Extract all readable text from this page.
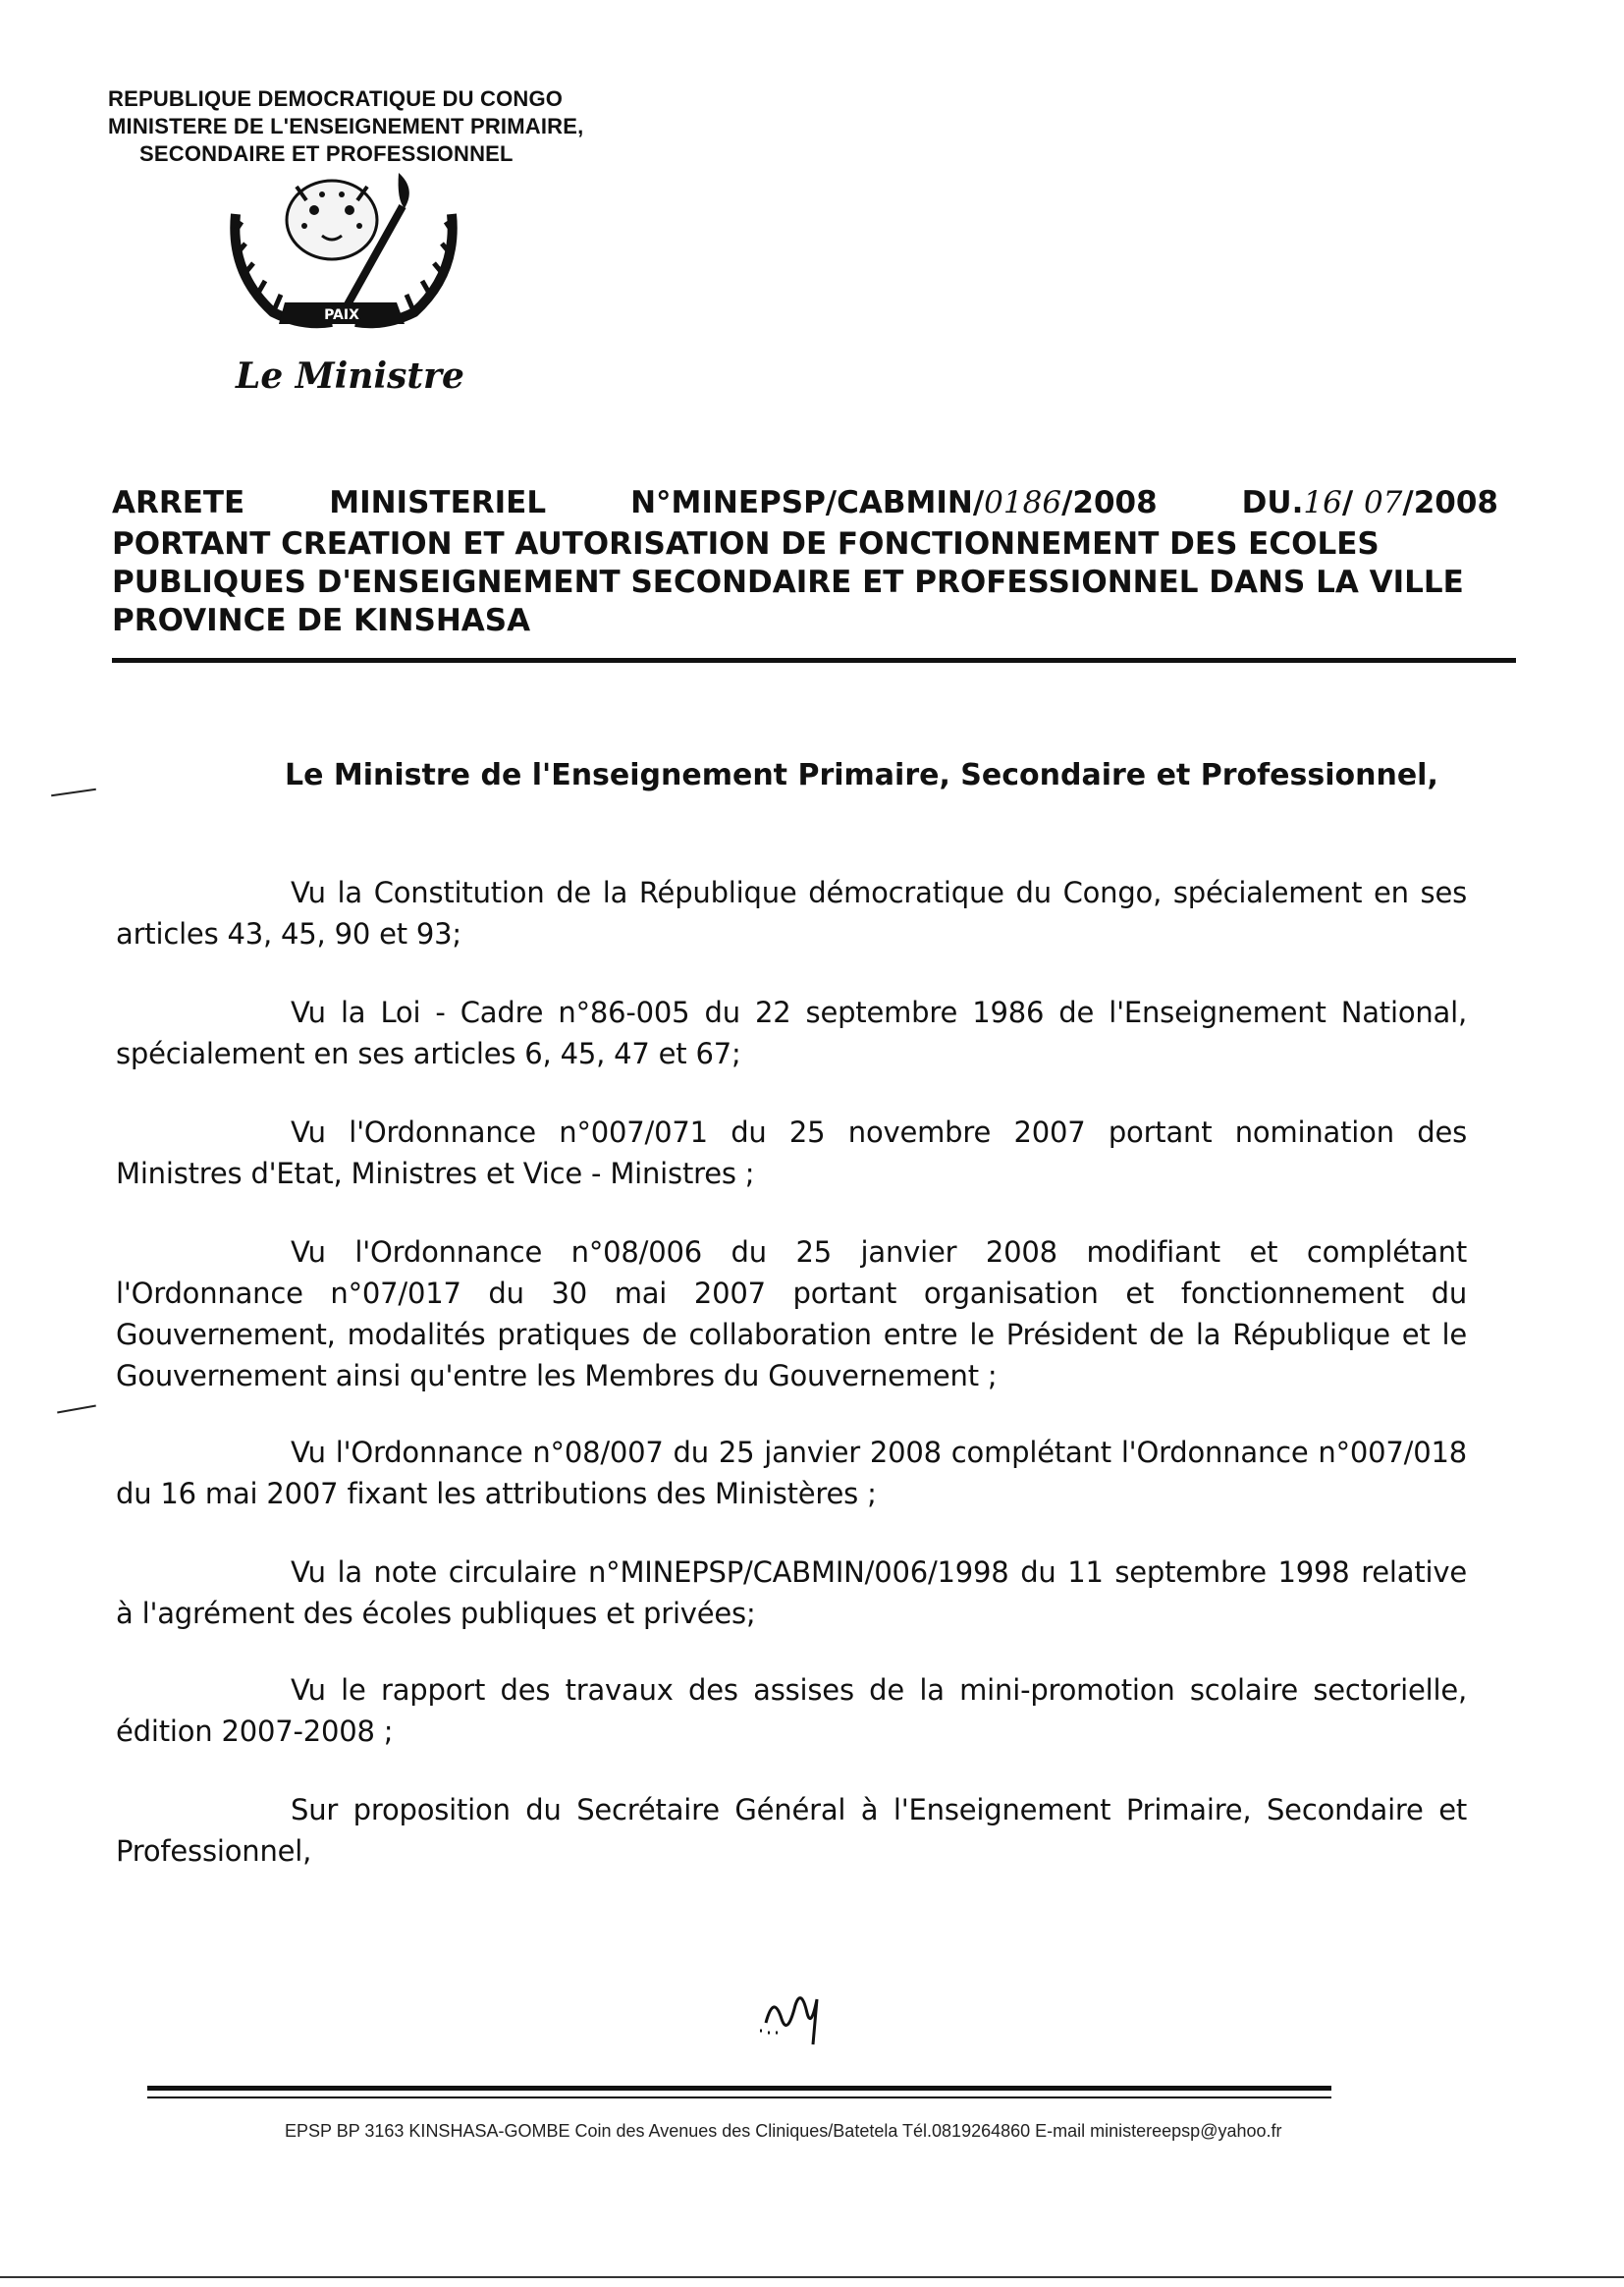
REPUBLIQUE DEMOCRATIQUE DU CONGO
MINISTERE DE L'ENSEIGNEMENT PRIMAIRE,
SECONDAIRE ET PROFESSIONNEL
PAIX
Le Ministre
ARRETE	MINISTERIEL	N°MINEPSP/CABMIN/0186/2008	DU.16/ 07/2008
PORTANT CREATION ET AUTORISATION DE FONCTIONNEMENT DES ECOLES
PUBLIQUES D'ENSEIGNEMENT SECONDAIRE ET PROFESSIONNEL DANS LA VILLE
PROVINCE DE KINSHASA
Le Ministre de l'Enseignement Primaire, Secondaire et Professionnel,
Vu la Constitution de la République démocratique du Congo, spécialement en ses articles 43, 45, 90 et 93;
Vu la Loi - Cadre n°86-005 du 22 septembre 1986 de l'Enseignement National, spécialement en ses articles 6, 45, 47 et 67;
Vu l'Ordonnance n°007/071 du 25 novembre 2007 portant nomination des Ministres d'Etat, Ministres et Vice - Ministres ;
Vu l'Ordonnance n°08/006 du 25 janvier 2008 modifiant et complétant l'Ordonnance n°07/017 du 30 mai 2007 portant organisation et fonctionnement du Gouvernement, modalités pratiques de collaboration entre le Président de la République et le Gouvernement ainsi qu'entre les Membres du Gouvernement ;
Vu l'Ordonnance n°08/007 du 25 janvier 2008 complétant l'Ordonnance n°007/018 du 16 mai 2007 fixant les attributions des Ministères ;
Vu la note circulaire n°MINEPSP/CABMIN/006/1998 du 11 septembre 1998 relative à l'agrément des écoles publiques et privées;
Vu le rapport des travaux des assises de la mini-promotion scolaire sectorielle, édition 2007-2008 ;
Sur proposition du Secrétaire Général à l'Enseignement Primaire, Secondaire et Professionnel,
EPSP BP 3163 KINSHASA-GOMBE Coin des Avenues des Cliniques/Batetela Tél.0819264860 E-mail ministereepsp@yahoo.fr
